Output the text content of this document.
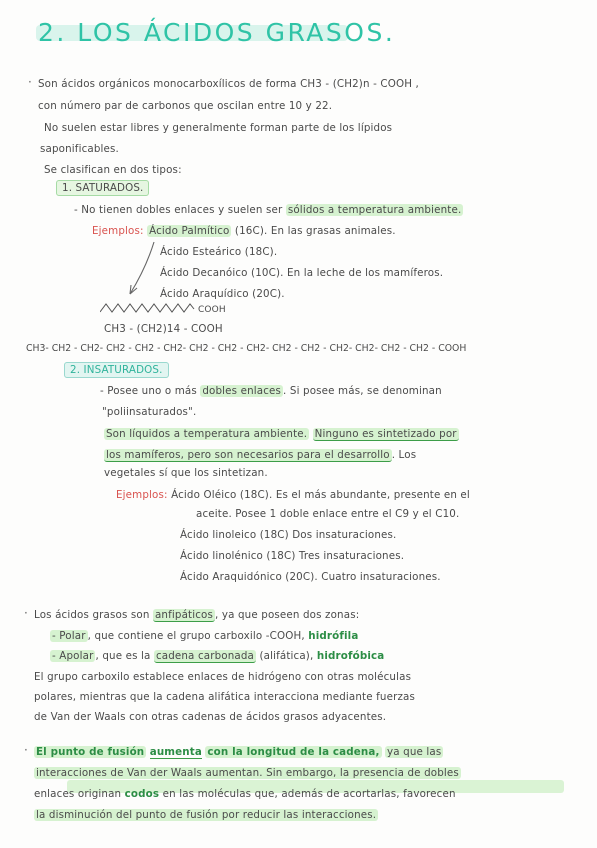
2. LOS ÁCIDOS GRASOS.
· Son ácidos orgánicos monocarboxílicos de forma CH3 - (CH2)n - COOH ,
con número par de carbonos que oscilan entre 10 y 22.
No suelen estar libres y generalmente forman parte de los lípidos
saponificables.
Se clasifican en dos tipos:
1. SATURADOS.
- No tienen dobles enlaces y suelen ser sólidos a temperatura ambiente.
Ejemplos: Ácido Palmítico (16C). En las grasas animales.
Ácido Esteárico (18C).
Ácido Decanóico (10C). En la leche de los mamíferos.
Ácido Araquídico (20C).
COOH
CH3 - (CH2)14 - COOH
CH3- CH2 - CH2- CH2 - CH2 - CH2- CH2 - CH2 - CH2- CH2 - CH2 - CH2- CH2- CH2 - CH2 - COOH
2. INSATURADOS.
- Posee uno o más dobles enlaces . Si posee más, se denominan
"poliinsaturados".
Son líquidos a temperatura ambiente. Ninguno es sintetizado por
los mamíferos, pero son necesarios para el desarrollo . Los
vegetales sí que los sintetizan.
Ejemplos: Ácido Oléico (18C). Es el más abundante, presente en el
aceite. Posee 1 doble enlace entre el C9 y el C10.
Ácido linoleico (18C) Dos insaturaciones.
Ácido linolénico (18C) Tres insaturaciones.
Ácido Araquidónico (20C). Cuatro insaturaciones.
· Los ácidos grasos son anfipáticos , ya que poseen dos zonas:
- Polar , que contiene el grupo carboxilo -COOH, hidrófila
- Apolar , que es la cadena carbonada (alifática), hidrofóbica
El grupo carboxilo establece enlaces de hidrógeno con otras moléculas
polares, mientras que la cadena alifática interacciona mediante fuerzas
de Van der Waals con otras cadenas de ácidos grasos adyacentes.
· El punto de fusión aumenta con la longitud de la cadena, ya que las
interacciones de Van der Waals aumentan. Sin embargo, la presencia de dobles
enlaces originan codos en las moléculas que, además de acortarlas, favorecen
la disminución del punto de fusión por reducir las interacciones.
